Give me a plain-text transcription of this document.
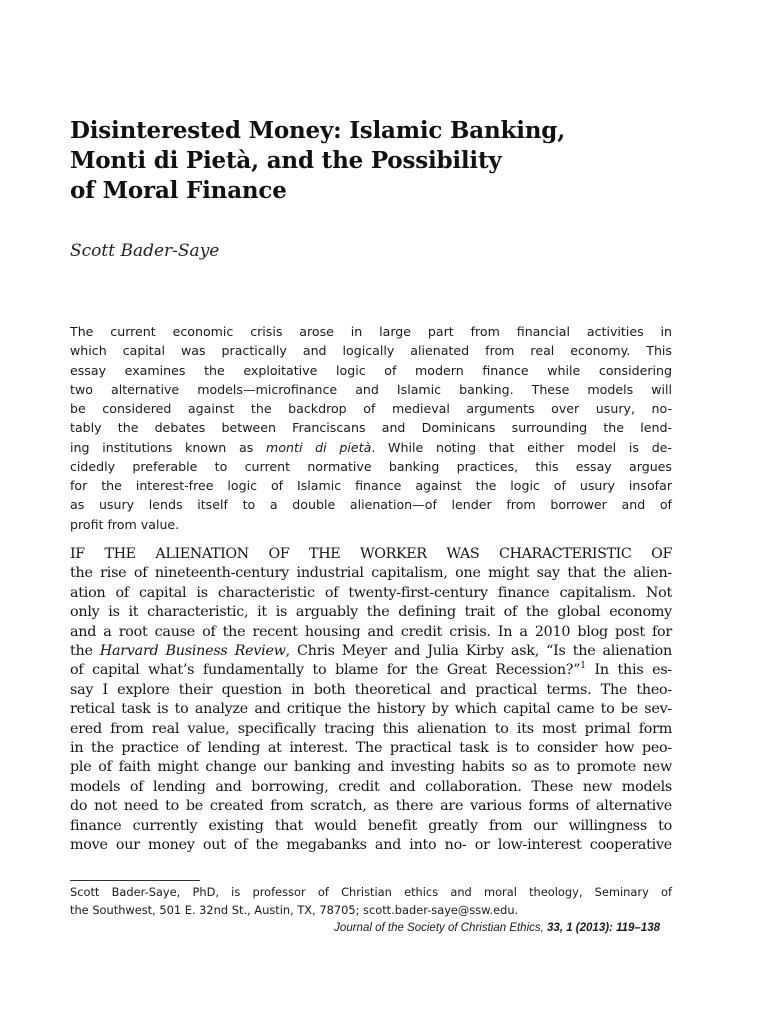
Disinterested Money: Islamic Banking,
Monti di Pietà, and the Possibility
of Moral Finance
Scott Bader-Saye
The current economic crisis arose in large part from financial activities in
which capital was practically and logically alienated from real economy. This
essay examines the exploitative logic of modern finance while considering
two alternative models—microfinance and Islamic banking. These models will
be considered against the backdrop of medieval arguments over usury, no-
tably the debates between Franciscans and Dominicans surrounding the lend-
ing institutions known as monti di pietà. While noting that either model is de-
cidedly preferable to current normative banking practices, this essay argues
for the interest-free logic of Islamic finance against the logic of usury insofar
as usury lends itself to a double alienation—of lender from borrower and of
profit from value.
IF THE ALIENATION OF THE WORKER WAS CHARACTERISTIC OF
the rise of nineteenth-century industrial capitalism, one might say that the alien-
ation of capital is characteristic of twenty-first-century finance capitalism. Not
only is it characteristic, it is arguably the defining trait of the global economy
and a root cause of the recent housing and credit crisis. In a 2010 blog post for
the Harvard Business Review, Chris Meyer and Julia Kirby ask, “Is the alienation
of capital what’s fundamentally to blame for the Great Recession?”$^1$ In this es-
say I explore their question in both theoretical and practical terms. The theo-
retical task is to analyze and critique the history by which capital came to be sev-
ered from real value, specifically tracing this alienation to its most primal form
in the practice of lending at interest. The practical task is to consider how peo-
ple of faith might change our banking and investing habits so as to promote new
models of lending and borrowing, credit and collaboration. These new models
do not need to be created from scratch, as there are various forms of alternative
finance currently existing that would benefit greatly from our willingness to
move our money out of the megabanks and into no- or low-interest cooperative
Scott Bader-Saye, PhD, is professor of Christian ethics and moral theology, Seminary of
the Southwest, 501 E. 32nd St., Austin, TX, 78705; scott.bader-saye@ssw.edu.
Journal of the Society of Christian Ethics, 33, 1 (2013): 119–138
